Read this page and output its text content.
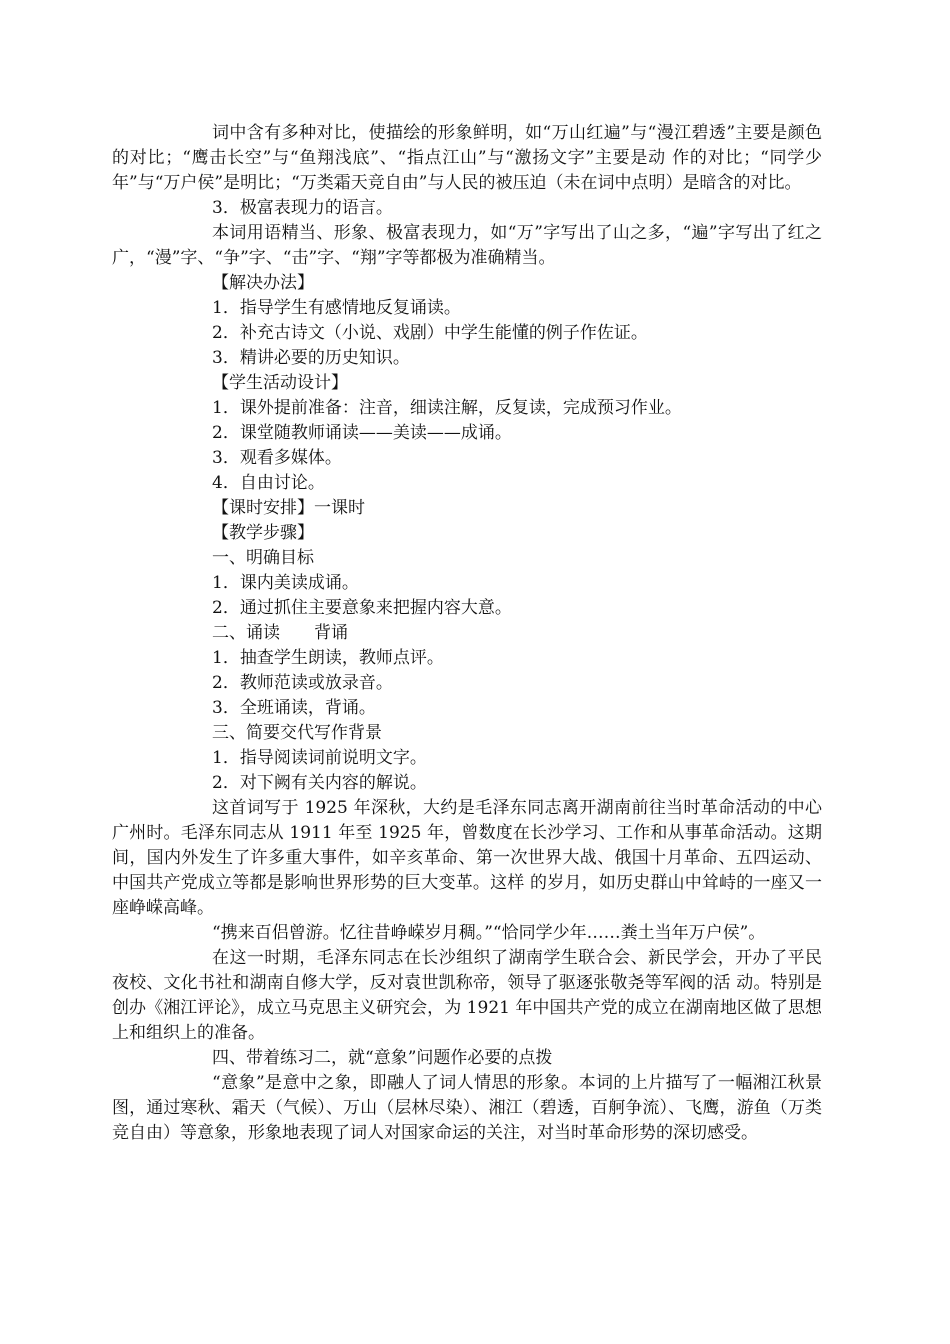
词中含有多种对比，使描绘的形象鲜明，如“万山红遍”与“漫江碧透”主要是颜色的对比；“鹰击长空”与“鱼翔浅底”、“指点江山”与“激扬文字”主要是动 作的对比；“同学少年”与“万户侯”是明比；“万类霜天竞自由”与人民的被压迫（未在词中点明）是暗含的对比。

3．极富表现力的语言。

本词用语精当、形象、极富表现力，如“万”字写出了山之多，“遍”字写出了红之广，“漫”字、“争”字、“击”字、“翔”字等都极为准确精当。

【解决办法】

1．指导学生有感情地反复诵读。

2．补充古诗文（小说、戏剧）中学生能懂的例子作佐证。

3．精讲必要的历史知识。

【学生活动设计】

1．课外提前准备：注音，细读注解，反复读，完成预习作业。

2．课堂随教师诵读——美读——成诵。

3．观看多媒体。

4．自由讨论。

【课时安排】一课时

【教学步骤】

一、明确目标

1．课内美读成诵。

2．通过抓住主要意象来把握内容大意。

二、诵读　　背诵

1．抽查学生朗读，教师点评。

2．教师范读或放录音。

3．全班诵读，背诵。

三、简要交代写作背景

1．指导阅读词前说明文字。

2．对下阙有关内容的解说。

这首词写于 1925 年深秋，大约是毛泽东同志离开湖南前往当时革命活动的中心广州时。毛泽东同志从 1911 年至 1925 年，曾数度在长沙学习、工作和从事革命活动。这期间，国内外发生了许多重大事件，如辛亥革命、第一次世界大战、俄国十月革命、五四运动、中国共产党成立等都是影响世界形势的巨大变革。这样 的岁月，如历史群山中耸峙的一座又一座峥嵘高峰。

“携来百侣曾游。忆往昔峥嵘岁月稠。”“恰同学少年……粪土当年万户侯”。

在这一时期，毛泽东同志在长沙组织了湖南学生联合会、新民学会，开办了平民夜校、文化书社和湖南自修大学，反对袁世凯称帝，领导了驱逐张敬尧等军阀的活 动。特别是创办《湘江评论》，成立马克思主义研究会，为 1921 年中国共产党的成立在湖南地区做了思想上和组织上的准备。

四、带着练习二，就“意象”问题作必要的点拨

“意象”是意中之象，即融人了词人情思的形象。本词的上片描写了一幅湘江秋景图，通过寒秋、霜天（气候）、万山（层林尽染）、湘江（碧透，百舸争流）、飞鹰，游鱼（万类竞自由）等意象，形象地表现了词人对国家命运的关注，对当时革命形势的深切感受。
